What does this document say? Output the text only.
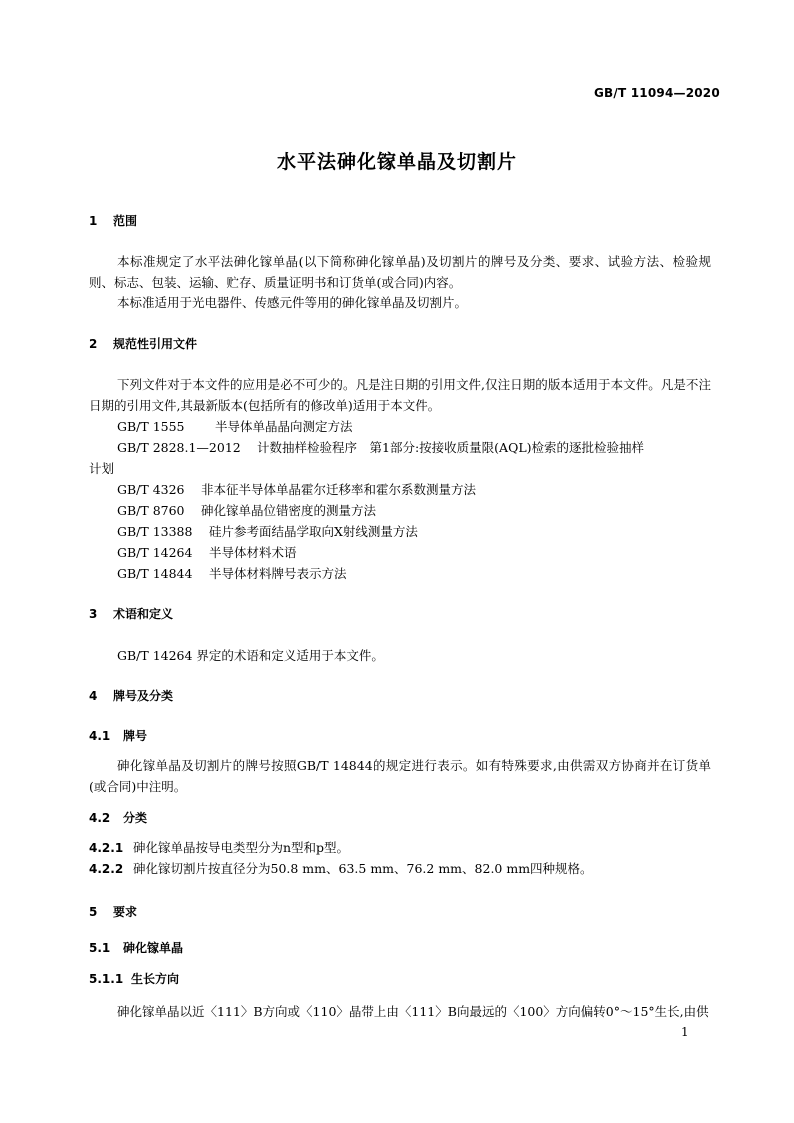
GB/T 11094—2020
水平法砷化镓单晶及切割片
1 范围
本标准规定了水平法砷化镓单晶(以下简称砷化镓单晶)及切割片的牌号及分类、要求、试验方法、检验规则、标志、包装、运输、贮存、质量证明书和订货单(或合同)内容。
本标准适用于光电器件、传感元件等用的砷化镓单晶及切割片。
2 规范性引用文件
下列文件对于本文件的应用是必不可少的。凡是注日期的引用文件,仅注日期的版本适用于本文件。凡是不注日期的引用文件,其最新版本(包括所有的修改单)适用于本文件。
GB/T 1555 半导体单晶晶向测定方法
GB/T 2828.1—2012 计数抽样检验程序　第1部分:按接收质量限(AQL)检索的逐批检验抽样
计划
GB/T 4326 非本征半导体单晶霍尔迁移率和霍尔系数测量方法
GB/T 8760 砷化镓单晶位错密度的测量方法
GB/T 13388 硅片参考面结晶学取向X射线测量方法
GB/T 14264 半导体材料术语
GB/T 14844 半导体材料牌号表示方法
3 术语和定义
GB/T 14264 界定的术语和定义适用于本文件。
4 牌号及分类
4.1 牌号
砷化镓单晶及切割片的牌号按照GB/T 14844的规定进行表示。如有特殊要求,由供需双方协商并在订货单(或合同)中注明。
4.2 分类
4.2.1 砷化镓单晶按导电类型分为n型和p型。
4.2.2 砷化镓切割片按直径分为50.8 mm、63.5 mm、76.2 mm、82.0 mm四种规格。
5 要求
5.1 砷化镓单晶
5.1.1 生长方向
砷化镓单晶以近〈111〉B方向或〈110〉晶带上由〈111〉B向最远的〈100〉方向偏转0°～15°生长,由供
1
